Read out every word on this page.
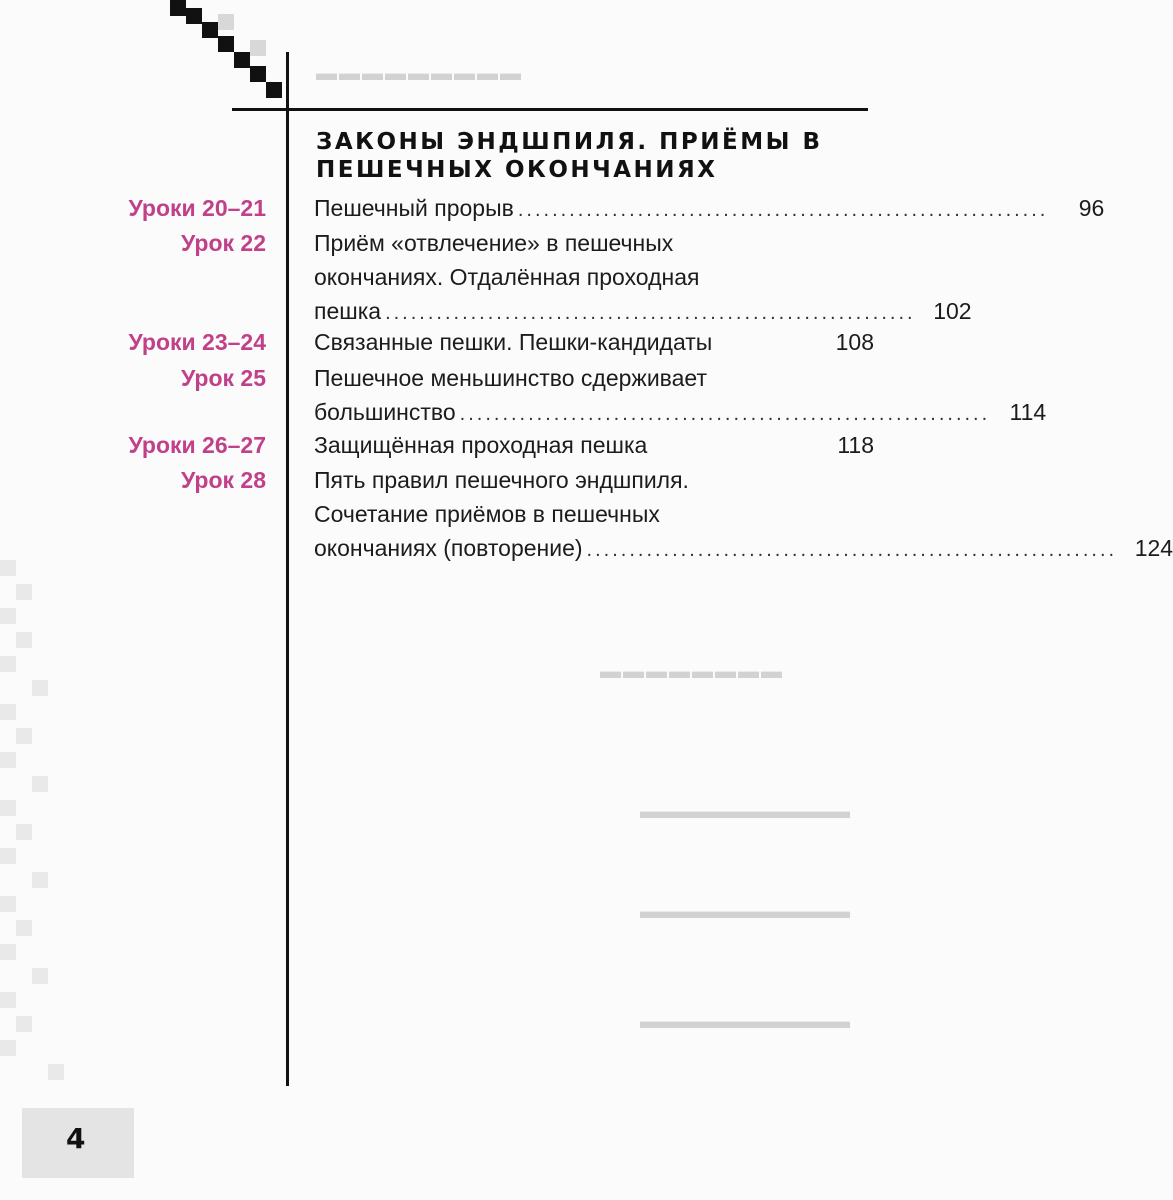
▬▬▬▬▬▬▬▬▬
▬▬▬▬▬▬▬▬
▬▬▬▬▬▬▬▬▬▬
▬▬▬▬▬▬▬▬▬▬
▬▬▬▬▬▬▬▬▬▬
ЗАКОНЫ ЭНДШПИЛЯ. ПРИЁМЫ В ПЕШЕЧНЫХ ОКОНЧАНИЯХ
Уроки 20–21 Пешечный прорыв ..............................................................	96
Урок 22 Приём «отвлечение» в пешечных
окончаниях. Отдалённая проходная
пешка .............................................................. 102
Уроки 23–24 Связанные пешки. Пешки-кандидаты	108
Урок 25 Пешечное меньшинство сдерживает
большинство .............................................................. 114
Уроки 26–27 Защищённая проходная пешка	118
Урок 28 Пять правил пешечного эндшпиля.
Сочетание приёмов в пешечных
окончаниях (повторение) .............................................................. 124
4
